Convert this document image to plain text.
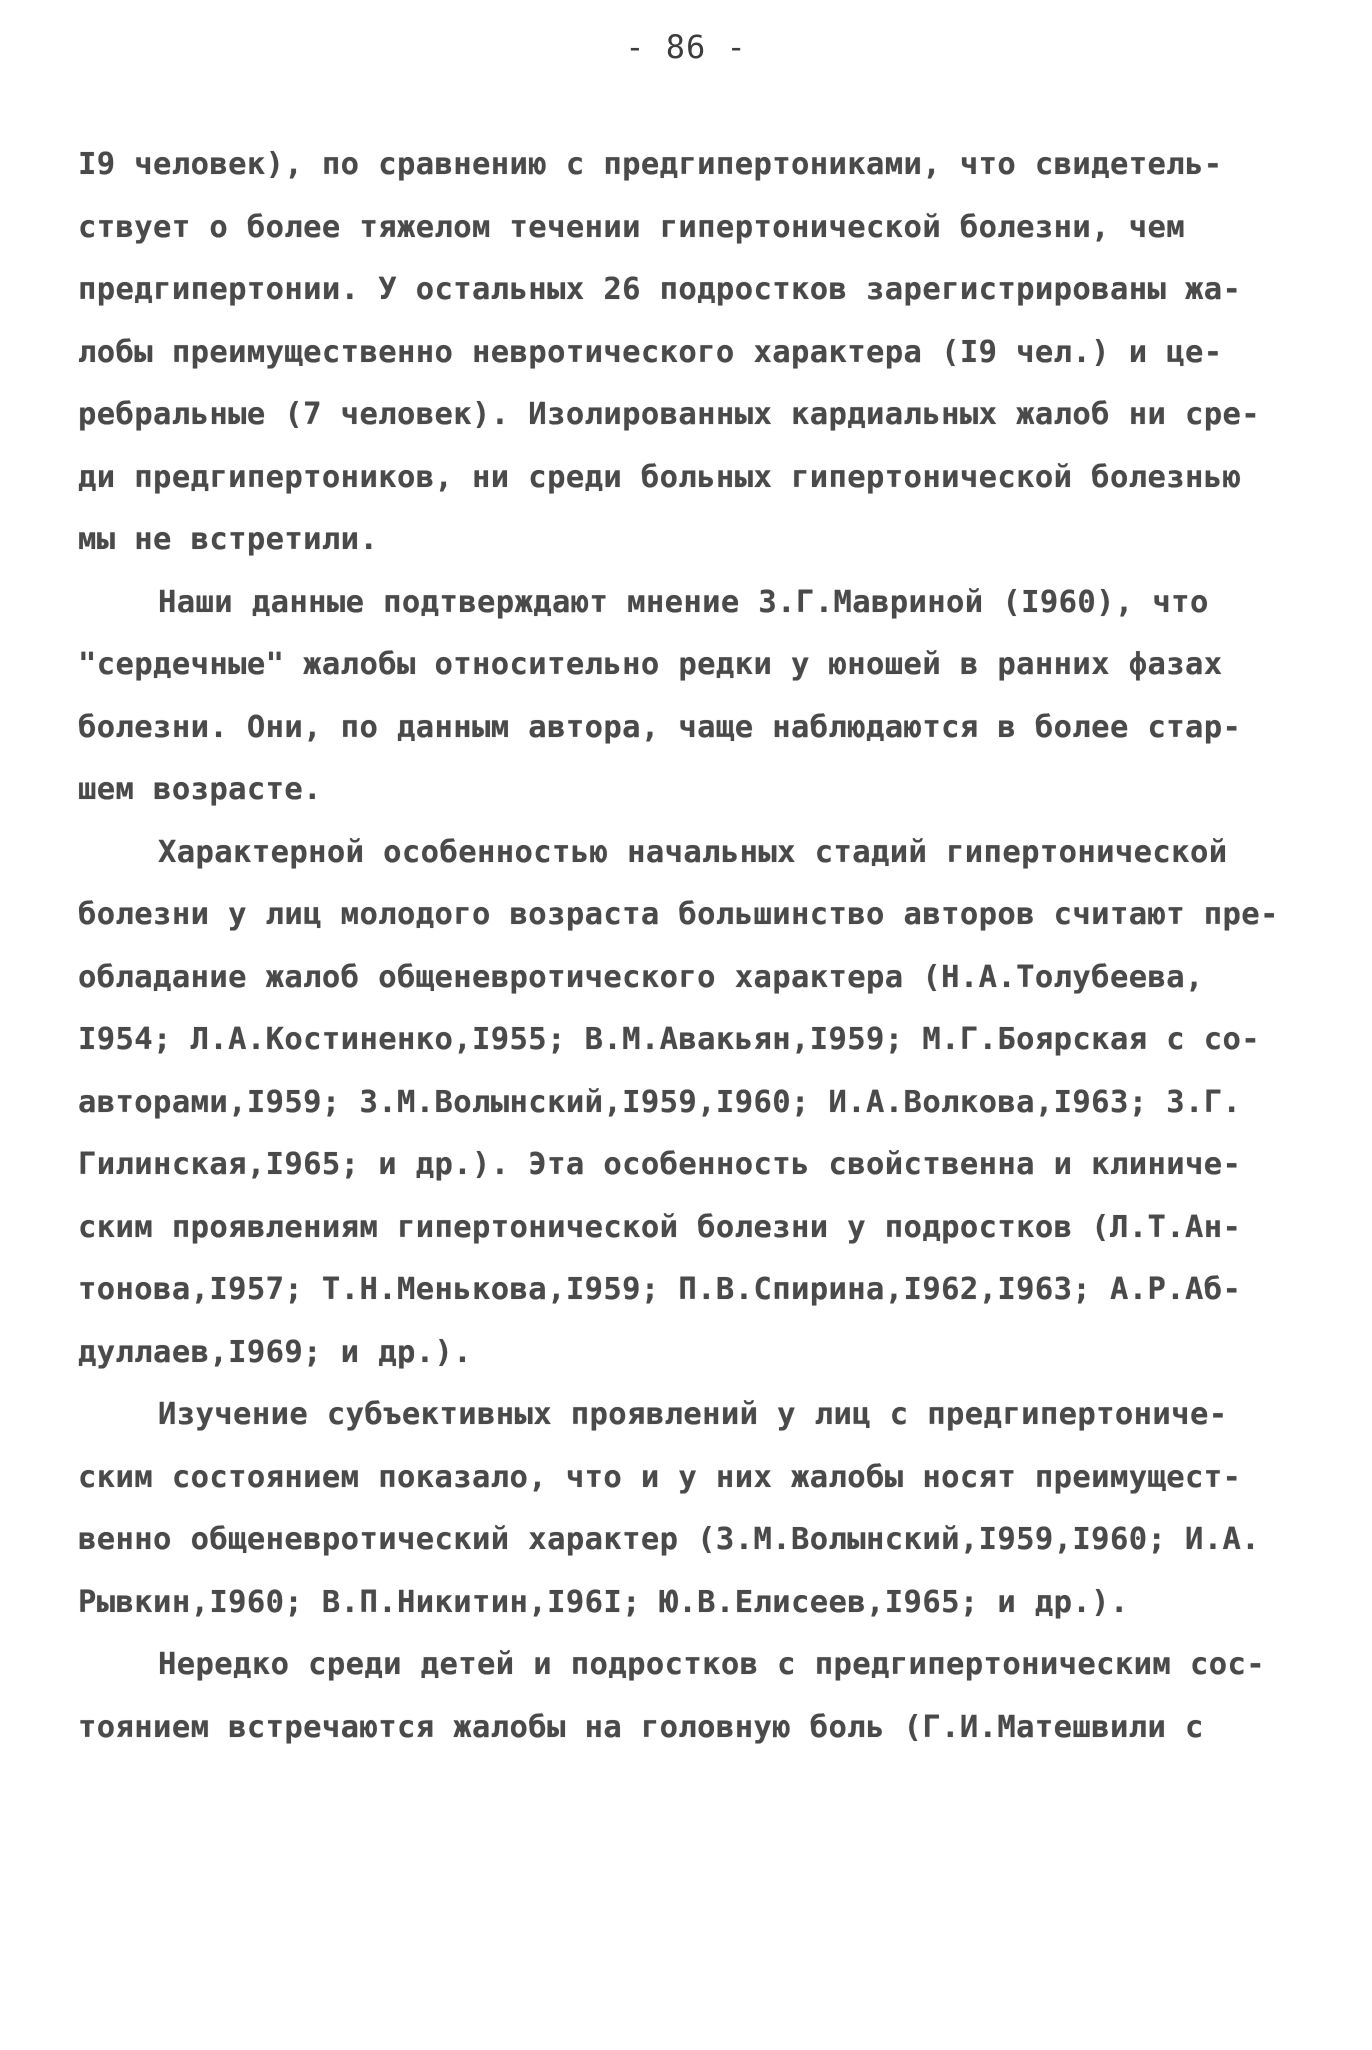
- 86 -
I9 человек), по сравнению с предгипертониками, что свидетель-
ствует о более тяжелом течении гипертонической болезни, чем
предгипертонии. У остальных 26 подростков зарегистрированы жа-
лобы преимущественно невротического характера (I9 чел.) и це-
ребральные (7 человек). Изолированных кардиальных жалоб ни сре-
ди предгипертоников, ни среди больных гипертонической болезнью
мы не встретили.
Наши данные подтверждают мнение З.Г.Мавриной (I960), что
"сердечные" жалобы относительно редки у юношей в ранних фазах
болезни. Они, по данным автора, чаще наблюдаются в более стар-
шем возрасте.
Характерной особенностью начальных стадий гипертонической
болезни у лиц молодого возраста большинство авторов считают пре-
обладание жалоб общеневротического характера (Н.А.Толубеева,
I954; Л.А.Костиненко,I955; В.М.Авакьян,I959; М.Г.Боярская с со-
авторами,I959; З.М.Волынский,I959,I960; И.А.Волкова,I963; З.Г.
Гилинская,I965; и др.). Эта особенность свойственна и клиниче-
ским проявлениям гипертонической болезни у подростков (Л.Т.Ан-
тонова,I957; Т.Н.Менькова,I959; П.В.Спирина,I962,I963; А.Р.Аб-
дуллаев,I969; и др.).
Изучение субъективных проявлений у лиц с предгипертониче-
ским состоянием показало, что и у них жалобы носят преимущест-
венно общеневротический характер (З.М.Волынский,I959,I960; И.А.
Рывкин,I960; В.П.Никитин,I96I; Ю.В.Елисеев,I965; и др.).
Нередко среди детей и подростков с предгипертоническим сос-
тоянием встречаются жалобы на головную боль (Г.И.Матешвили с
